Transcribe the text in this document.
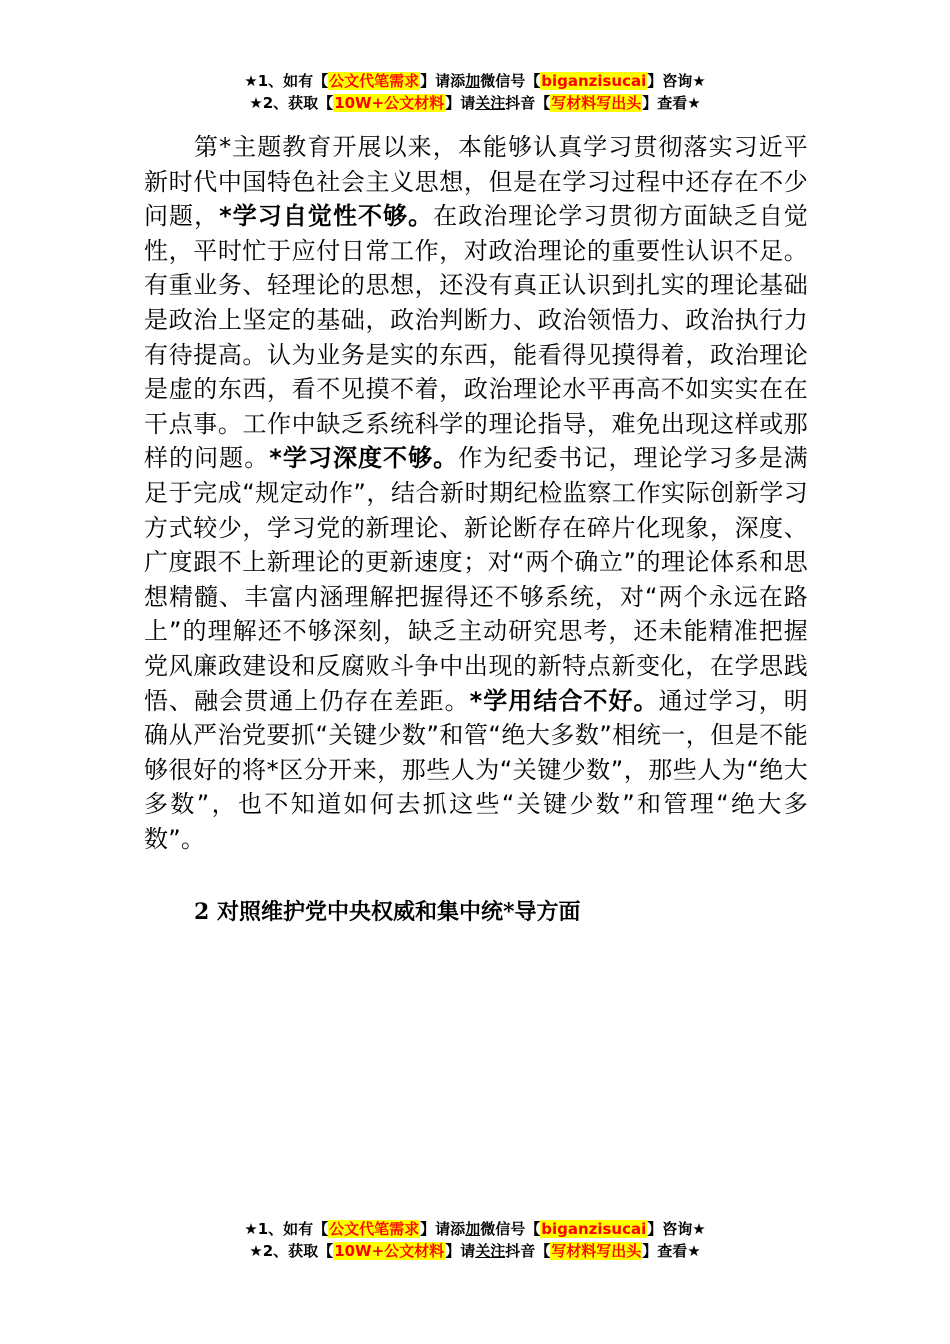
★1、如有【公文代笔需求】请添加微信号【biganzisucai】咨询★
★2、获取【10W+公文材料】请关注抖音【写材料写出头】查看★

第*主题教育开展以来，本能够认真学习贯彻落实习近平新时代中国特色社会主义思想，但是在学习过程中还存在不少问题，*学习自觉性不够。在政治理论学习贯彻方面缺乏自觉性，平时忙于应付日常工作，对政治理论的重要性认识不足。有重业务、轻理论的思想，还没有真正认识到扎实的理论基础是政治上坚定的基础，政治判断力、政治领悟力、政治执行力有待提高。认为业务是实的东西，能看得见摸得着，政治理论是虚的东西，看不见摸不着，政治理论水平再高不如实实在在干点事。工作中缺乏系统科学的理论指导，难免出现这样或那样的问题。*学习深度不够。作为纪委书记，理论学习多是满足于完成“规定动作”，结合新时期纪检监察工作实际创新学习方式较少，学习党的新理论、新论断存在碎片化现象，深度、广度跟不上新理论的更新速度；对“两个确立”的理论体系和思想精髓、丰富内涵理解把握得还不够系统，对“两个永远在路上”的理解还不够深刻，缺乏主动研究思考，还未能精准把握党风廉政建设和反腐败斗争中出现的新特点新变化，在学思践悟、融会贯通上仍存在差距。*学用结合不好。通过学习，明确从严治党要抓“关键少数”和管“绝大多数”相统一，但是不能够很好的将*区分开来，那些人为“关键少数”，那些人为“绝大多数”，也不知道如何去抓这些“关键少数”和管理“绝大多数”。

2 对照维护党中央权威和集中统*导方面
★1、如有【公文代笔需求】请添加微信号【biganzisucai】咨询★
★2、获取【10W+公文材料】请关注抖音【写材料写出头】查看★
